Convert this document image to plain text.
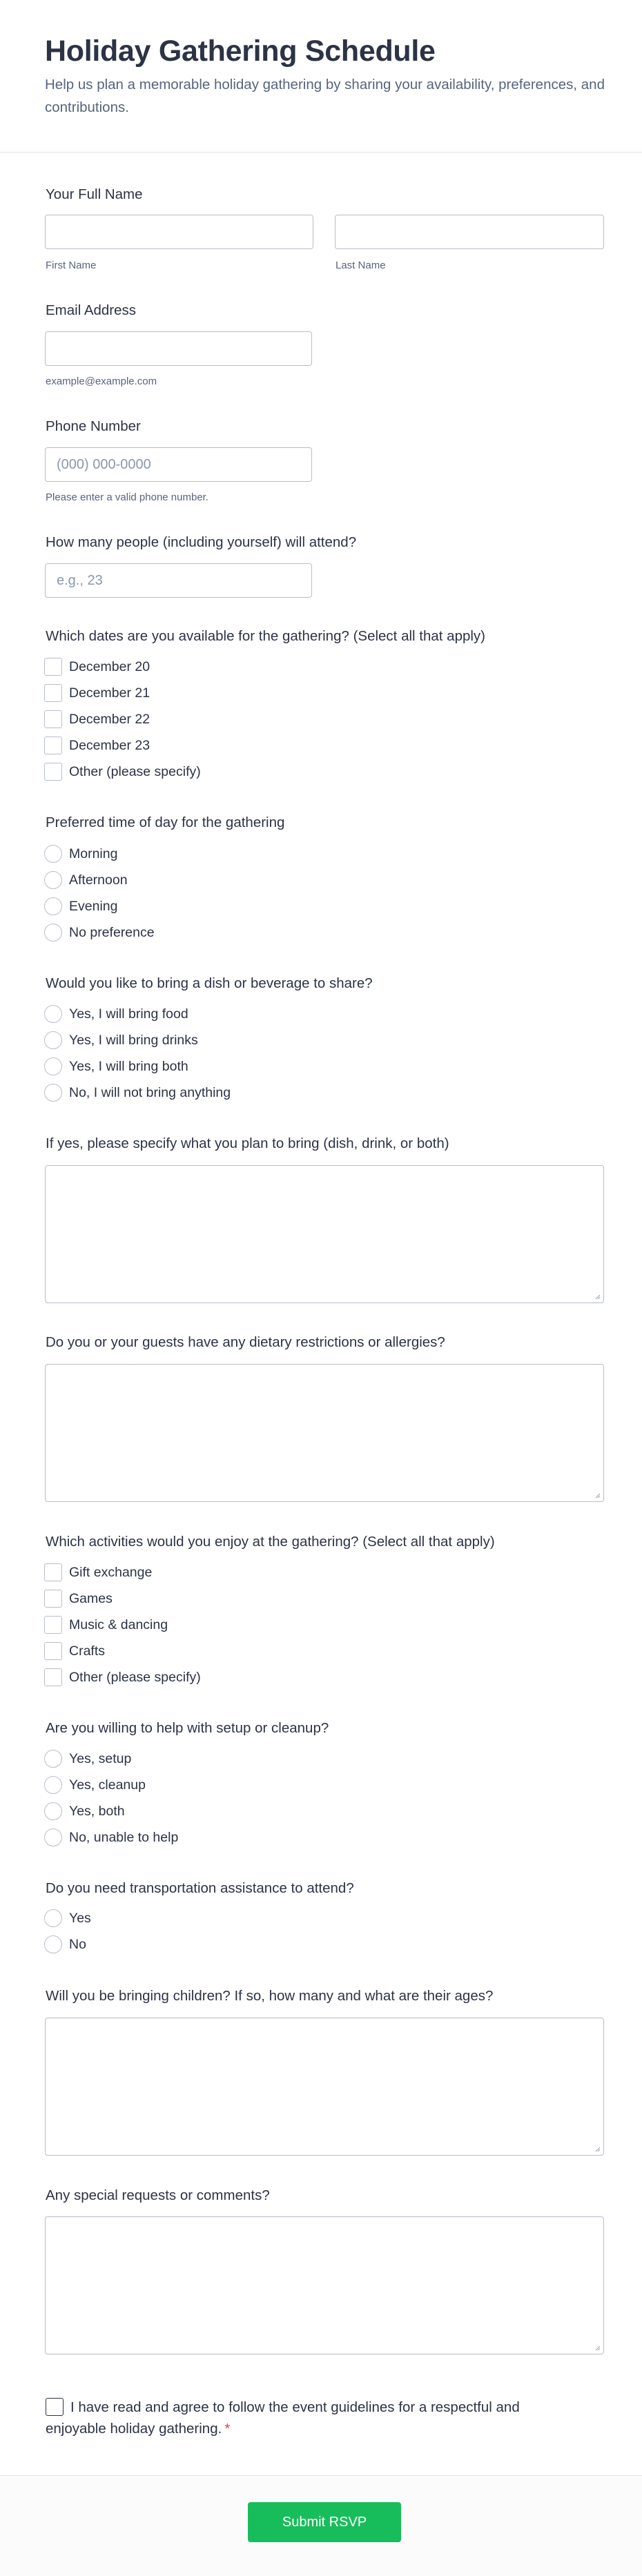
Holiday Gathering Schedule

Help us plan a memorable holiday gathering by sharing your availability, preferences, and contributions.

Your Full Name
First Name	Last Name
Email Address
example@example.com
Phone Number
(000) 000-0000
Please enter a valid phone number.
How many people (including yourself) will attend?
e.g., 23
Which dates are you available for the gathering? (Select all that apply)
December 20
December 21
December 22
December 23
Other (please specify)
Preferred time of day for the gathering
Morning
Afternoon
Evening
No preference
Would you like to bring a dish or beverage to share?
Yes, I will bring food
Yes, I will bring drinks
Yes, I will bring both
No, I will not bring anything
If yes, please specify what you plan to bring (dish, drink, or both)
Do you or your guests have any dietary restrictions or allergies?
Which activities would you enjoy at the gathering? (Select all that apply)
Gift exchange
Games
Music & dancing
Crafts
Other (please specify)
Are you willing to help with setup or cleanup?
Yes, setup
Yes, cleanup
Yes, both
No, unable to help
Do you need transportation assistance to attend?
Yes
No
Will you be bringing children? If so, how many and what are their ages?
Any special requests or comments?

I have read and agree to follow the event guidelines for a respectful and enjoyable holiday gathering. *

Submit RSVP
